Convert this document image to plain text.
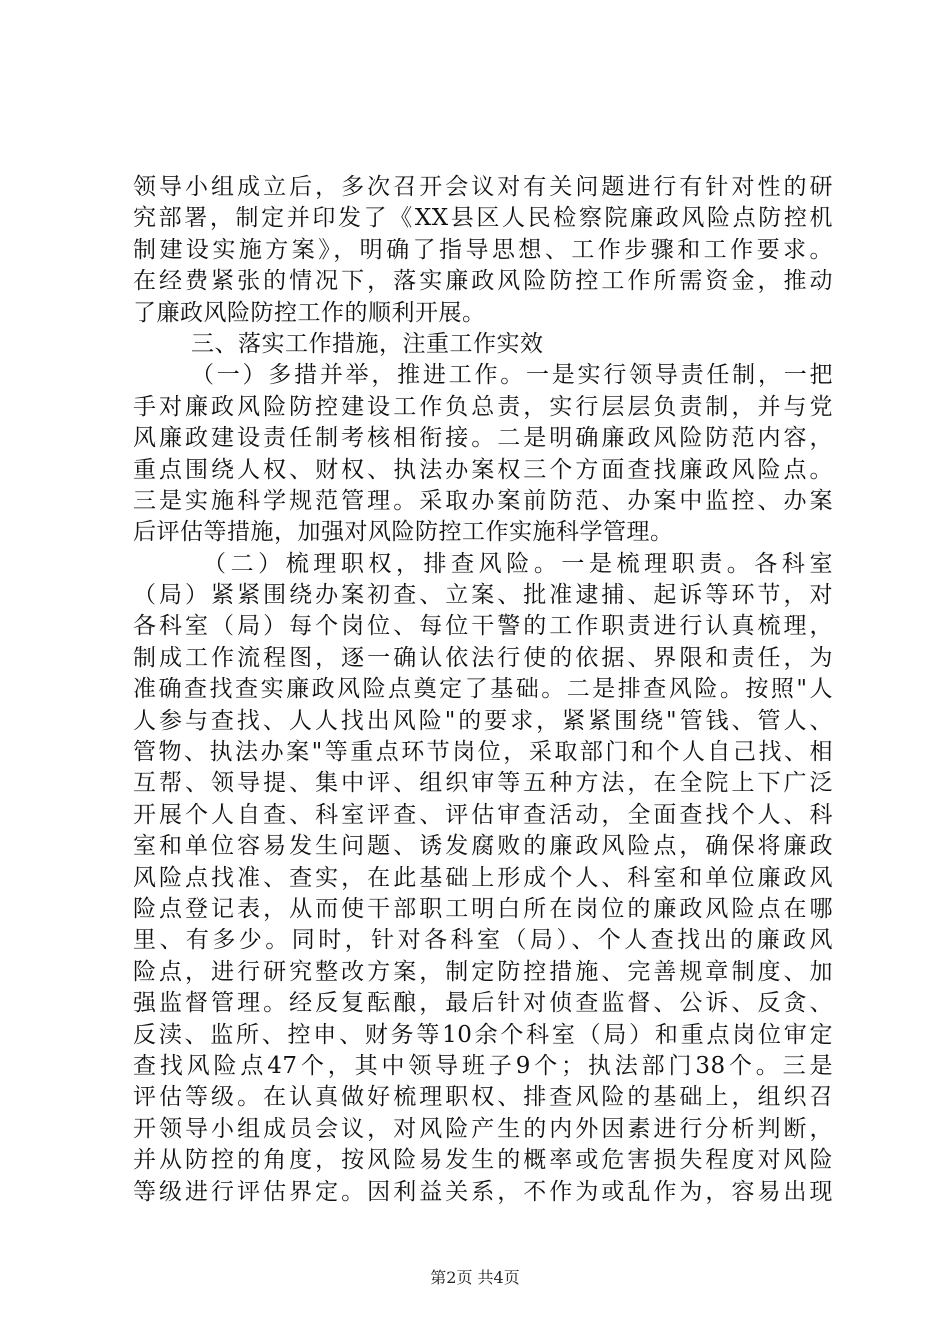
领导小组成立后，多次召开会议对有关问题进行有针对性的研
究部署，制定并印发了《XX县区人民检察院廉政风险点防控机
制建设实施方案》，明确了指导思想、工作步骤和工作要求。
在经费紧张的情况下，落实廉政风险防控工作所需资金，推动
了廉政风险防控工作的顺利开展。
三、落实工作措施，注重工作实效
（一）多措并举，推进工作。一是实行领导责任制，一把
手对廉政风险防控建设工作负总责，实行层层负责制，并与党
风廉政建设责任制考核相衔接。二是明确廉政风险防范内容，
重点围绕人权、财权、执法办案权三个方面查找廉政风险点。
三是实施科学规范管理。采取办案前防范、办案中监控、办案
后评估等措施，加强对风险防控工作实施科学管理。
（二）梳理职权，排查风险。一是梳理职责。各科室
（局）紧紧围绕办案初查、立案、批准逮捕、起诉等环节，对
各科室（局）每个岗位、每位干警的工作职责进行认真梳理，
制成工作流程图，逐一确认依法行使的依据、界限和责任，为
准确查找查实廉政风险点奠定了基础。二是排查风险。按照"人
人参与查找、人人找出风险"的要求，紧紧围绕"管钱、管人、
管物、执法办案"等重点环节岗位，采取部门和个人自己找、相
互帮、领导提、集中评、组织审等五种方法，在全院上下广泛
开展个人自查、科室评查、评估审查活动，全面查找个人、科
室和单位容易发生问题、诱发腐败的廉政风险点，确保将廉政
风险点找准、查实，在此基础上形成个人、科室和单位廉政风
险点登记表，从而使干部职工明白所在岗位的廉政风险点在哪
里、有多少。同时，针对各科室（局）、个人查找出的廉政风
险点，进行研究整改方案，制定防控措施、完善规章制度、加
强监督管理。经反复酝酿，最后针对侦查监督、公诉、反贪、
反渎、监所、控申、财务等10余个科室（局）和重点岗位审定
查找风险点47个，其中领导班子9个；执法部门38个。三是
评估等级。在认真做好梳理职权、排查风险的基础上，组织召
开领导小组成员会议，对风险产生的内外因素进行分析判断，
并从防控的角度，按风险易发生的概率或危害损失程度对风险
等级进行评估界定。因利益关系，不作为或乱作为，容易出现
第2页 共4页
